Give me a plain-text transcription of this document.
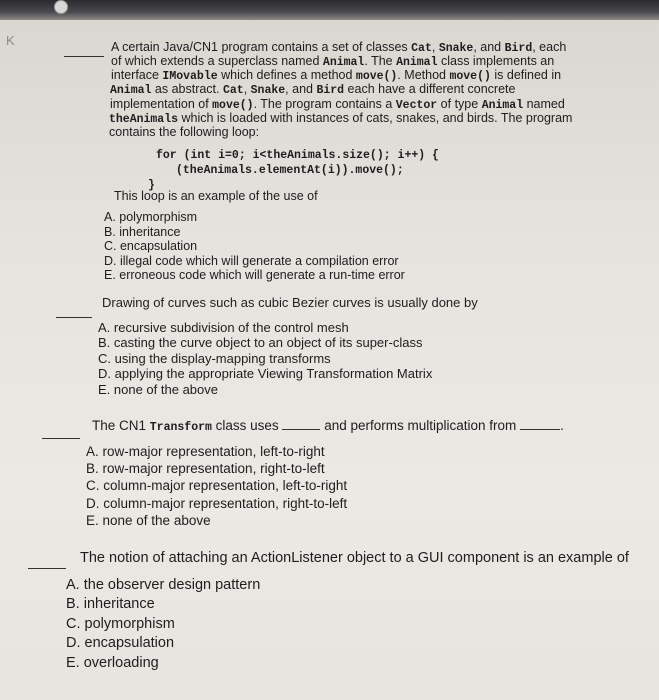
K	A certain Java/CN1 program contains a set of classes Cat, Snake, and Bird, each

of which extends a superclass named Animal. The Animal class implements an

interface IMovable which defines a method move(). Method move() is defined in

Animal as abstract. Cat, Snake, and Bird each have a different concrete

implementation of move(). The program contains a Vector of type Animal named

theAnimals which is loaded with instances of cats, snakes, and birds. The program

contains the following loop:

for (int i=0; i<theAnimals.size(); i++) {

(theAnimals.elementAt(i)).move();

}

This loop is an example of the use of

A. polymorphism

B. inheritance

C. encapsulation

D. illegal code which will generate a compilation error

E. erroneous code which will generate a run-time error

Drawing of curves such as cubic Bezier curves is usually done by

A. recursive subdivision of the control mesh

B. casting the curve object to an object of its super-class

C. using the display-mapping transforms

D. applying the appropriate Viewing Transformation Matrix

E. none of the above

The CN1 Transform class uses	and performs multiplication from	.

A. row-major representation, left-to-right

B. row-major representation, right-to-left

C. column-major representation, left-to-right

D. column-major representation, right-to-left

E. none of the above

The notion of attaching an ActionListener object to a GUI component is an example of

A. the observer design pattern

B. inheritance

C. polymorphism

D. encapsulation

E. overloading
